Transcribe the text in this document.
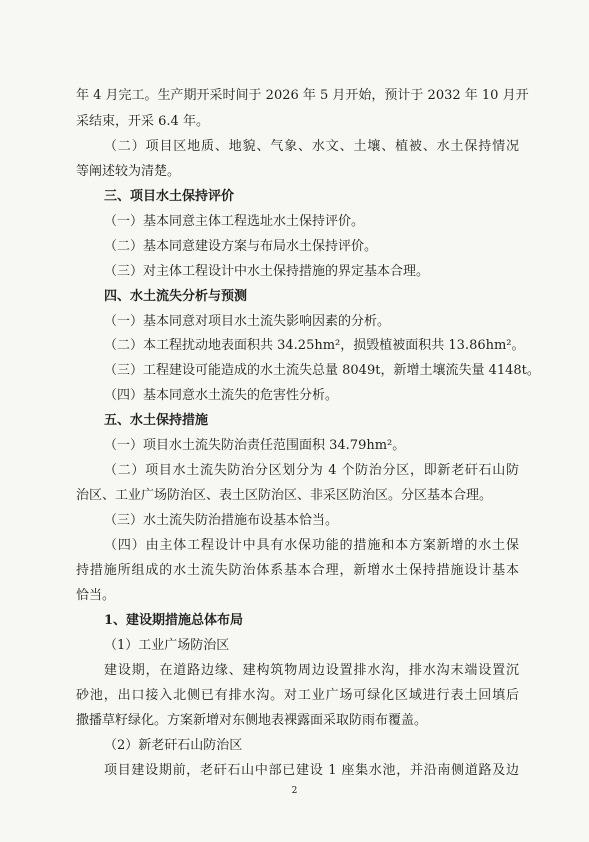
年 4 月完工。生产期开采时间于 2026 年 5 月开始，预计于 2032 年 10 月开
采结束，开采 6.4 年。
（二）项目区地质、地貌、气象、水文、土壤、植被、水土保持情况
等阐述较为清楚。
三、项目水土保持评价
（一）基本同意主体工程选址水土保持评价。
（二）基本同意建设方案与布局水土保持评价。
（三）对主体工程设计中水土保持措施的界定基本合理。
四、水土流失分析与预测
（一）基本同意对项目水土流失影响因素的分析。
（二）本工程扰动地表面积共 34.25hm²，损毁植被面积共 13.86hm²。
（三）工程建设可能造成的水土流失总量 8049t，新增土壤流失量 4148t。
（四）基本同意水土流失的危害性分析。
五、水土保持措施
（一）项目水土流失防治责任范围面积 34.79hm²。
（二）项目水土流失防治分区划分为 4 个防治分区，即新老矸石山防
治区、工业广场防治区、表土区防治区、非采区防治区。分区基本合理。
（三）水土流失防治措施布设基本恰当。
（四）由主体工程设计中具有水保功能的措施和本方案新增的水土保
持措施所组成的水土流失防治体系基本合理，新增水土保持措施设计基本
恰当。
1、建设期措施总体布局
（1）工业广场防治区
建设期，在道路边缘、建构筑物周边设置排水沟，排水沟末端设置沉
砂池，出口接入北侧已有排水沟。对工业广场可绿化区域进行表土回填后
撒播草籽绿化。方案新增对东侧地表裸露面采取防雨布覆盖。
（2）新老矸石山防治区
项目建设期前，老矸石山中部已建设 1 座集水池，并沿南侧道路及边
2
